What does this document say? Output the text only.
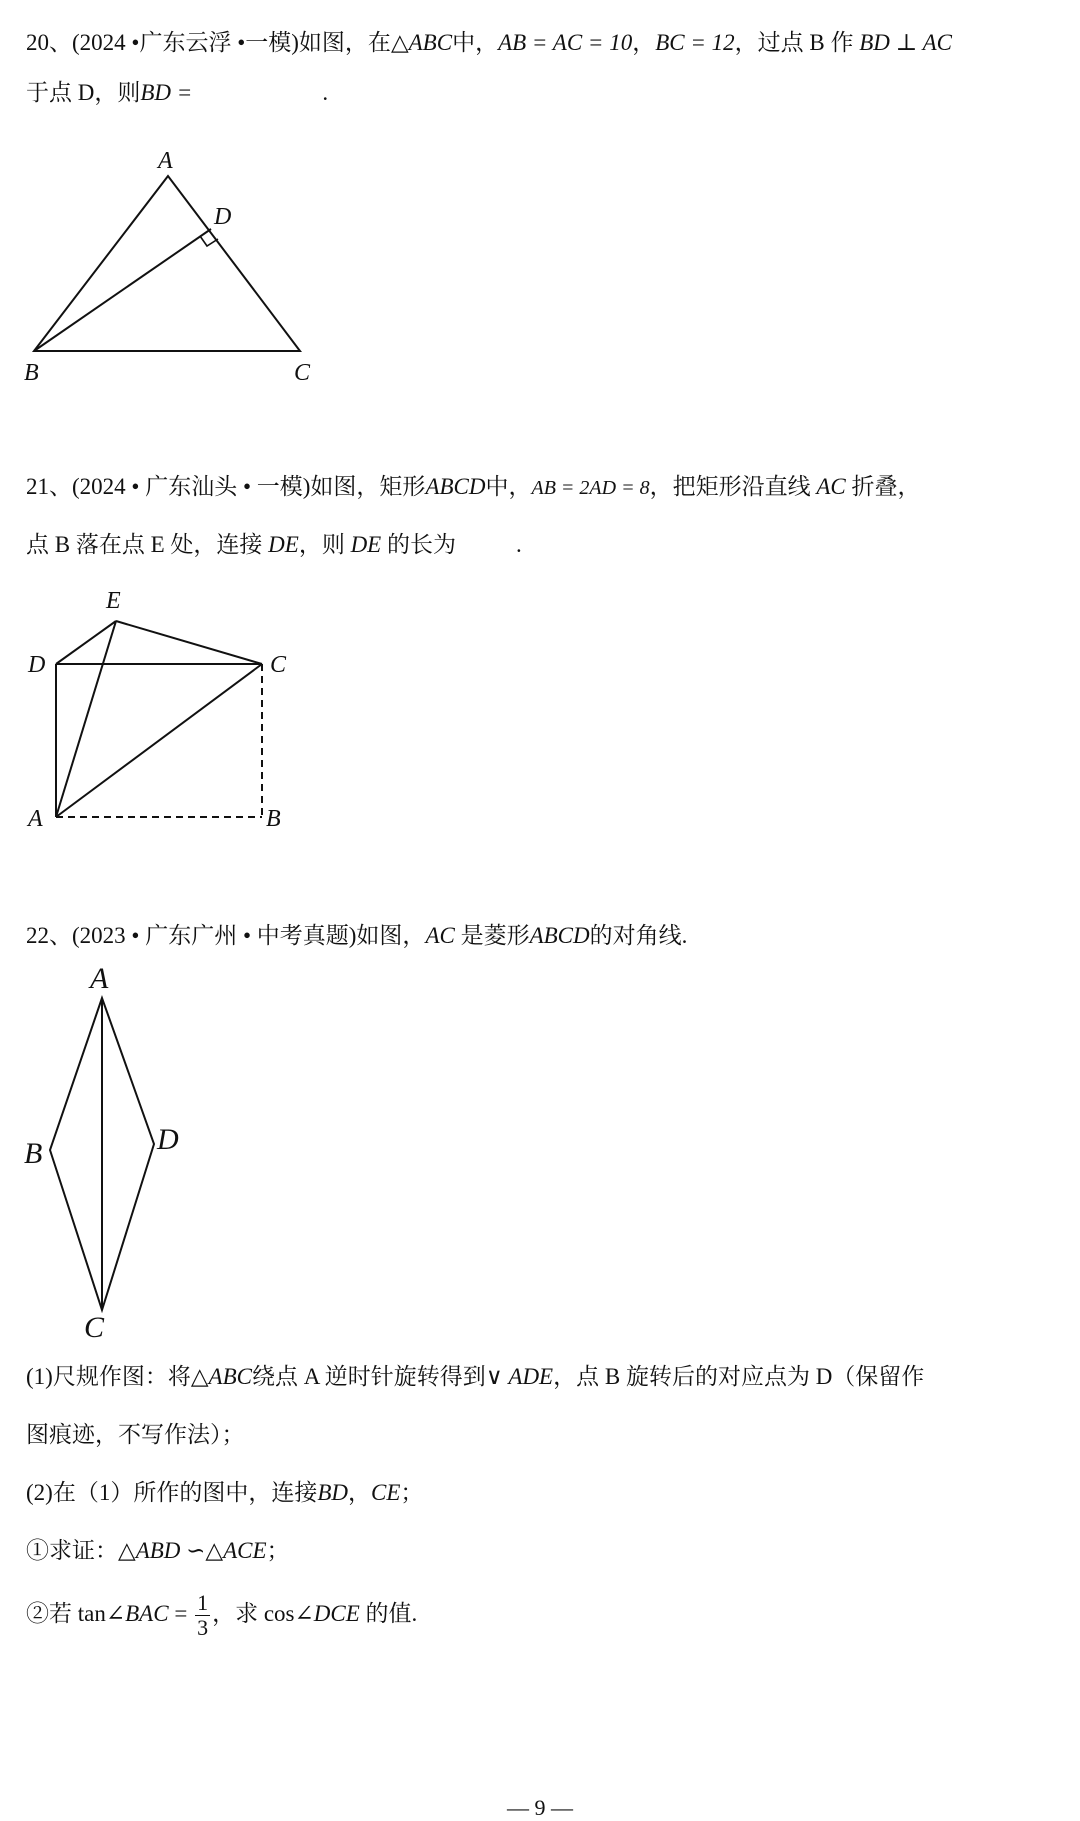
20、(2024 •广东云浮 •一模)如图，在△ABC中，AB = AC = 10，BC = 12，过点 B 作 BD ⊥ AC
于点 D，则BD =	.
A
D
B	C
21、(2024 • 广东汕头 • 一模)如图，矩形ABCD中，AB = 2AD = 8，把矩形沿直线 AC 折叠，
点 B 落在点 E 处，连接 DE，则 DE 的长为	.
E
D	C
A	B
22、(2023 • 广东广州 • 中考真题)如图，AC 是菱形ABCD的对角线.
A
B	D
C
(1)尺规作图：将△ABC绕点 A 逆时针旋转得到∨ ADE，点 B 旋转后的对应点为 D（保留作
图痕迹，不写作法）；
(2)在（1）所作的图中，连接BD，CE；
①求证：△ABD ∽△ACE；
②若 tan∠BAC = $\frac{1}{3}$ ，求 cos∠DCE 的值.
— 9 —
